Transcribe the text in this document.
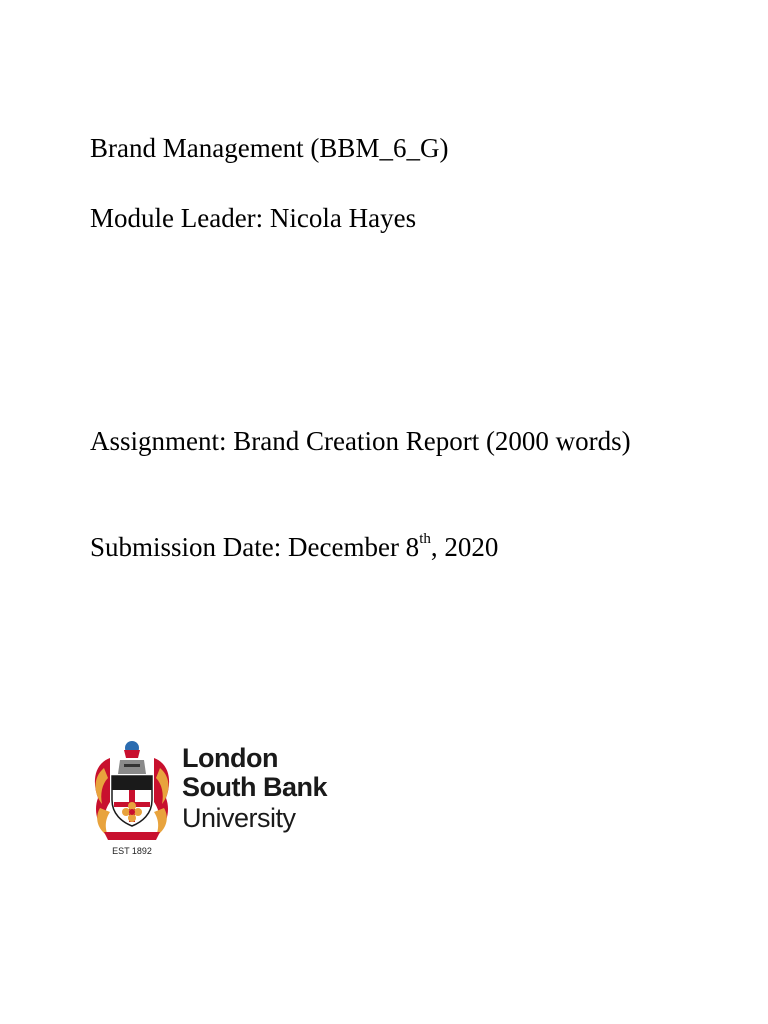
Brand Management (BBM_6_G)

Module Leader: Nicola Hayes

Assignment: Brand Creation Report (2000 words)

Submission Date: December 8th, 2020

EST 1892
London
South Bank
University
